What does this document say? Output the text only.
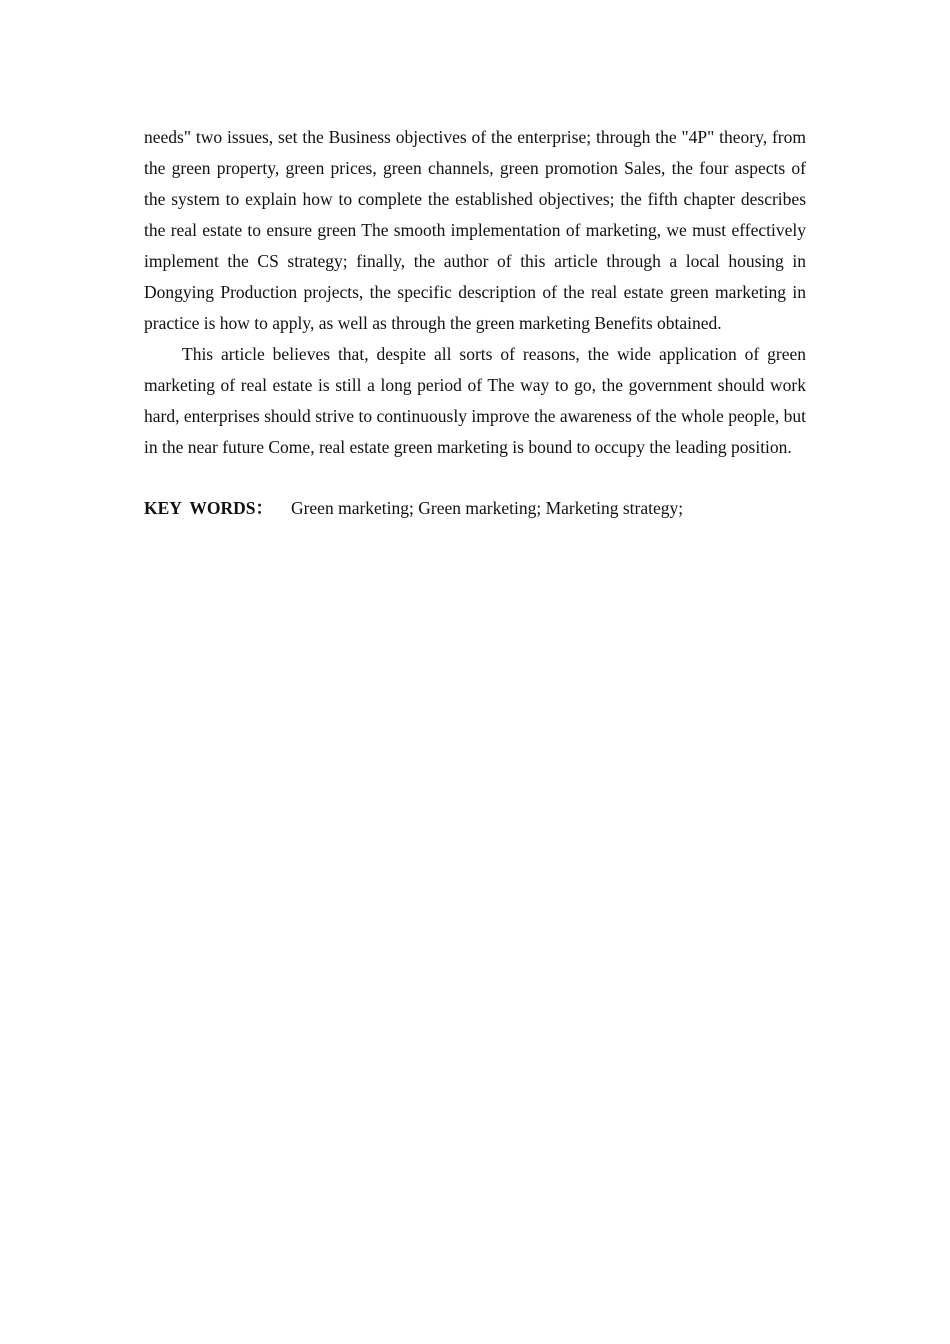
needs" two issues, set the Business objectives of the enterprise; through the "4P" theory, from the green property, green prices, green channels, green promotion Sales, the four aspects of the system to explain how to complete the established objectives; the fifth chapter describes the real estate to ensure green The smooth implementation of marketing, we must effectively implement the CS strategy; finally, the author of this article through a local housing in Dongying Production projects, the specific description of the real estate green marketing in practice is how to apply, as well as through the green marketing Benefits obtained.

This article believes that, despite all sorts of reasons, the wide application of green marketing of real estate is still a long period of The way to go, the government should work hard, enterprises should strive to continuously improve the awareness of the whole people, but in the near future Come, real estate green marketing is bound to occupy the leading position.

KEY WORDS： Green marketing; Green marketing; Marketing strategy;
